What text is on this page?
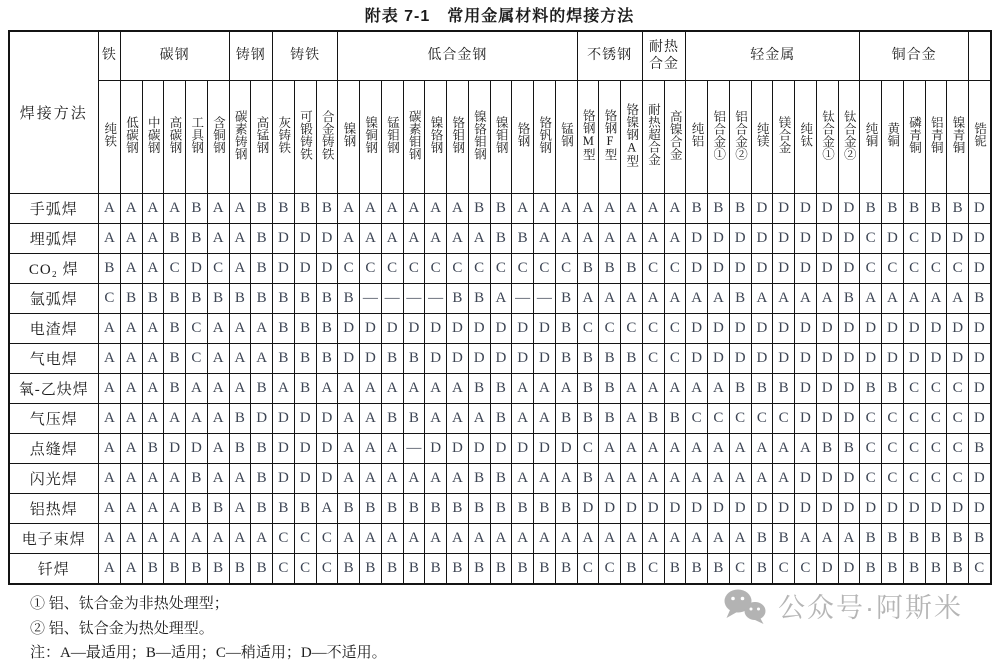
附表 7-1　常用金属材料的焊接方法
焊接方法	铁	碳钢					铸钢		铸铁			低合金钢											不锈钢			耐热合金		轻金属								铜合金					
	纯铁	低碳钢	中碳钢	高碳钢	工具钢	含铜钢	碳素铸钢	高锰钢	灰铸铁	可锻铸铁	合金铸铁	镍钢	镍铜钢	锰钼钢	碳素钼钢	镍铬钢	铬钼钢	镍铬钼钢	镍钼钢	铬钢	铬钒钢	锰钢	铬钢M型	铬钢F型	铬镍钢A型	耐热超合金	高镍合金	纯铝	铝合金①	铝合金②	纯镁	镁合金	纯钛	钛合金①	钛合金②	纯铜	黄铜	磷青铜	铝青铜	镍青铜	锆铌
手弧焊	A	A	A	A	B	A	A	B	B	B	B	A	A	A	A	A	A	B	B	A	A	A	A	A	A	A	A	B	B	B	D	D	D	D	D	B	B	B	B	B	D
埋弧焊	A	A	A	B	B	A	A	B	D	D	D	A	A	A	A	A	A	A	B	B	A	A	A	A	A	A	A	D	D	D	D	D	D	D	D	C	D	C	D	D	D
CO₂ 焊	B	A	A	C	D	C	A	B	D	D	D	C	C	C	C	C	C	C	C	C	C	C	B	B	B	C	C	D	D	D	D	D	D	D	D	C	C	C	C	C	D
氩弧焊	C	B	B	B	B	B	B	B	B	B	B	B	—	—	—	—	B	B	A	—	—	B	A	A	A	A	A	A	A	B	A	A	A	A	B	A	A	A	A	A	B
电渣焊	A	A	A	B	C	A	A	A	B	B	B	D	D	D	D	D	D	D	D	D	D	B	C	C	C	C	C	D	D	D	D	D	D	D	D	D	D	D	D	D	D
气电焊	A	A	A	B	C	A	A	A	B	B	B	D	D	B	B	D	D	D	D	D	D	B	B	B	B	C	C	D	D	D	D	D	D	D	D	D	D	D	D	D	D
氧-乙炔焊	A	A	A	B	A	A	A	B	A	B	A	A	A	A	A	A	A	B	B	A	A	A	B	B	A	A	A	A	A	B	B	B	D	D	D	B	B	C	C	C	D
气压焊	A	A	A	A	A	A	B	D	D	D	D	A	A	B	B	A	A	A	B	A	A	B	B	B	A	B	B	C	C	C	C	C	D	D	D	C	C	C	C	C	D
点缝焊	A	A	B	D	D	A	B	B	D	D	D	A	A	A	—	D	D	D	D	D	D	D	C	A	A	A	A	A	A	A	A	A	A	B	B	C	C	C	C	C	B
闪光焊	A	A	A	A	B	A	A	B	D	D	D	A	A	A	A	A	A	B	B	A	A	A	B	A	A	A	A	A	A	A	A	A	D	D	D	C	C	C	C	C	D
铝热焊	A	A	A	A	B	B	A	B	B	B	A	B	B	B	B	B	B	B	B	B	B	B	D	D	D	D	D	D	D	D	D	D	D	D	D	D	D	D	D	D	D
电子束焊	A	A	A	A	A	A	A	A	C	C	C	A	A	A	A	A	A	A	A	A	A	A	A	A	A	A	A	A	A	A	B	B	A	A	A	B	B	B	B	B	B
钎焊	A	A	B	B	B	B	B	B	C	C	C	B	B	B	B	B	B	B	B	B	B	B	C	C	B	C	B	B	B	C	B	C	C	D	D	B	B	B	B	B	C
① 铝、钛合金为非热处理型；
② 铝、钛合金为热处理型。
注：A—最适用；B—适用；C—稍适用；D—不适用。
公众号·阿斯米
